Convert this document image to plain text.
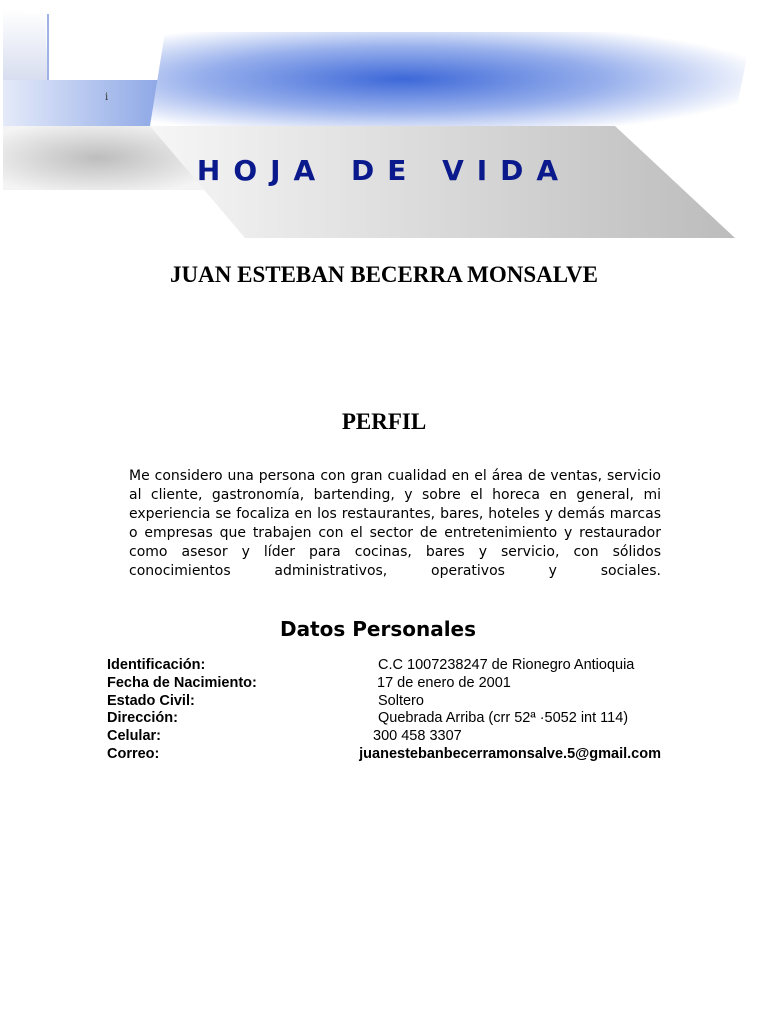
i
HOJA DE VIDA
JUAN ESTEBAN BECERRA MONSALVE
PERFIL

Me considero una persona con gran cualidad en el área de ventas, servicio al cliente, gastronomía, bartending, y sobre el horeca en general, mi experiencia se focaliza en los restaurantes, bares, hoteles y demás marcas o empresas que trabajen con el sector de entretenimiento y restaurador como asesor y líder para cocinas, bares y servicio, con sólidos conocimientos administrativos, operativos y sociales.

Datos Personales
Identificación:	C.C 1007238247 de Rionegro Antioquia
Fecha de Nacimiento:	17 de enero de 2001
Estado Civil:	Soltero
Dirección:	Quebrada Arriba (crr 52ª ·5052 int 114)
Celular:	300 458 3307
Correo:	juanestebanbecerramonsalve.5@gmail.com
